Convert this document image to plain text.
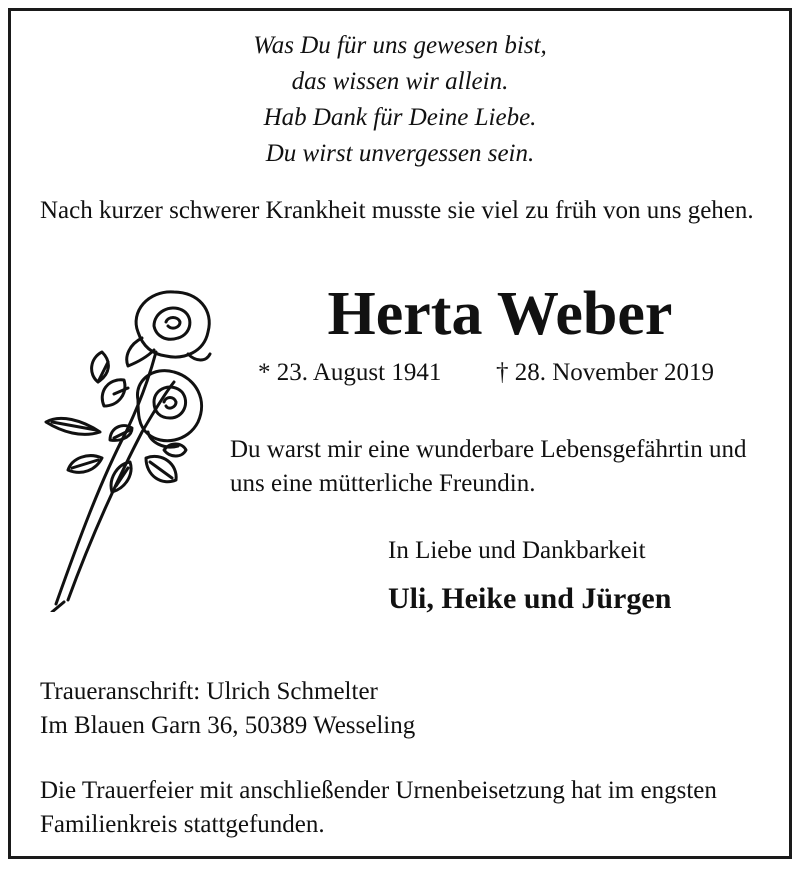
Was Du für uns gewesen bist,
das wissen wir allein.
Hab Dank für Deine Liebe.
Du wirst unvergessen sein.
Nach kurzer schwerer Krankheit musste sie viel zu früh von uns gehen.
Herta Weber
* 23. August 1941 † 28. November 2019
Du warst mir eine wunderbare Lebensgefährtin und uns eine mütterliche Freundin.
In Liebe und Dankbarkeit
Uli, Heike und Jürgen
Traueranschrift: Ulrich Schmelter
Im Blauen Garn 36, 50389 Wesseling
Die Trauerfeier mit anschließender Urnenbeisetzung hat im engsten Familienkreis stattgefunden.
